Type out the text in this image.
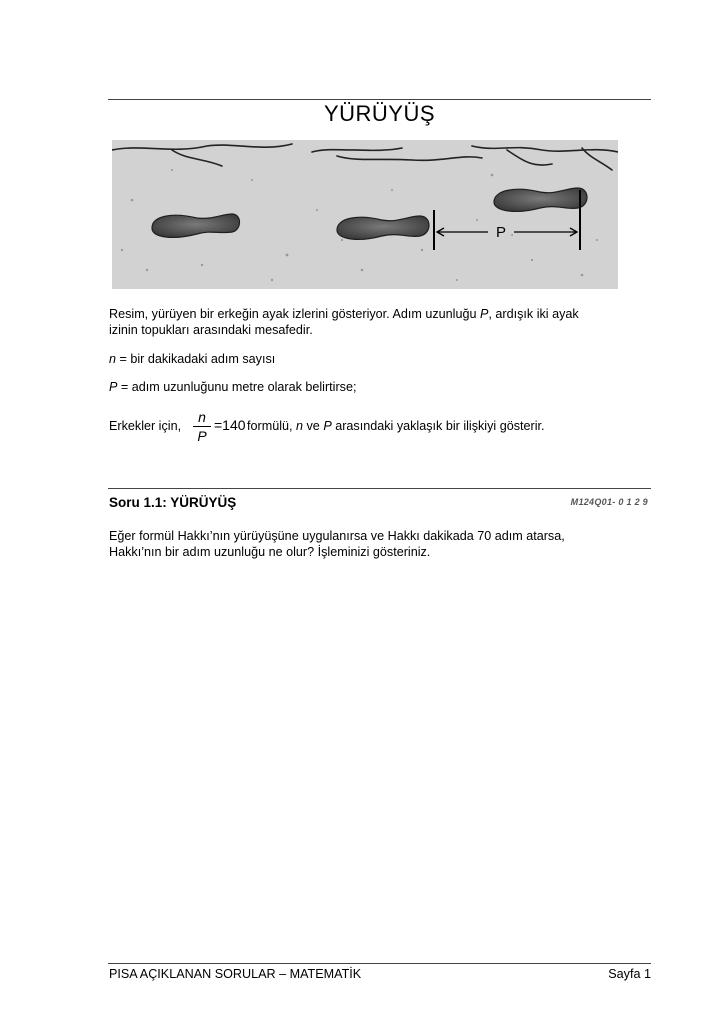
YÜRÜYÜŞ
P
Resim, yürüyen bir erkeğin ayak izlerini gösteriyor. Adım uzunluğu P, ardışık iki ayak
izinin topukları arasındaki mesafedir.
n = bir dakikadaki adım sayısı
P = adım uzunluğunu metre olarak belirtirse;
Erkekler için,
n
P
=140 formülü, n ve P arasındaki yaklaşık bir ilişkiyi gösterir.
Soru 1.1: YÜRÜYÜŞ	M124Q01- 0 1 2 9
Eğer formül Hakkı’nın yürüyüşüne uygulanırsa ve Hakkı dakikada 70 adım atarsa,
Hakkı’nın bir adım uzunluğu ne olur? İşleminizi gösteriniz.
PISA AÇIKLANAN SORULAR – MATEMATİK	Sayfa 1
